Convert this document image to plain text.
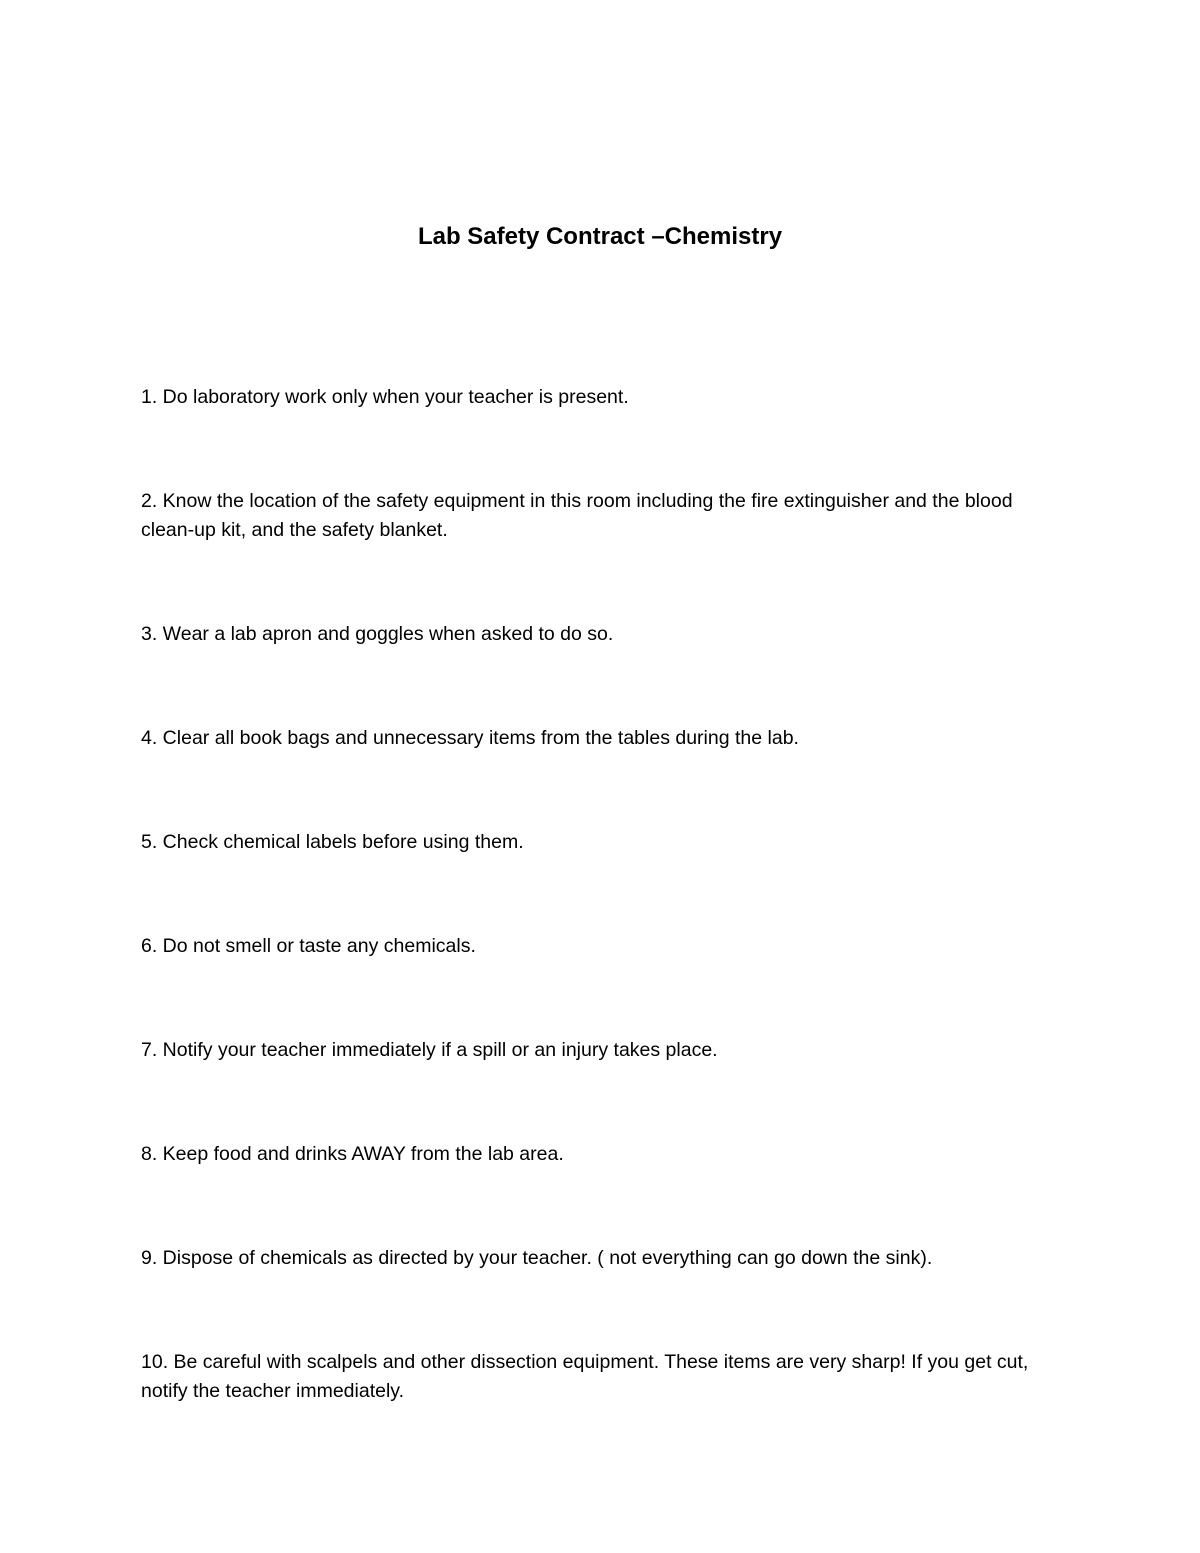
Lab Safety Contract –Chemistry
1. Do laboratory work only when your teacher is present.
2. Know the location of the safety equipment in this room including the fire extinguisher and the blood clean-up kit, and the safety blanket.
3. Wear a lab apron and goggles when asked to do so.
4. Clear all book bags and unnecessary items from the tables during the lab.
5. Check chemical labels before using them.
6. Do not smell or taste any chemicals.
7. Notify your teacher immediately if a spill or an injury takes place.
8. Keep food and drinks AWAY from the lab area.
9. Dispose of chemicals as directed by your teacher. ( not everything can go down the sink).
10. Be careful with scalpels and other dissection equipment. These items are very sharp! If you get cut, notify the teacher immediately.
